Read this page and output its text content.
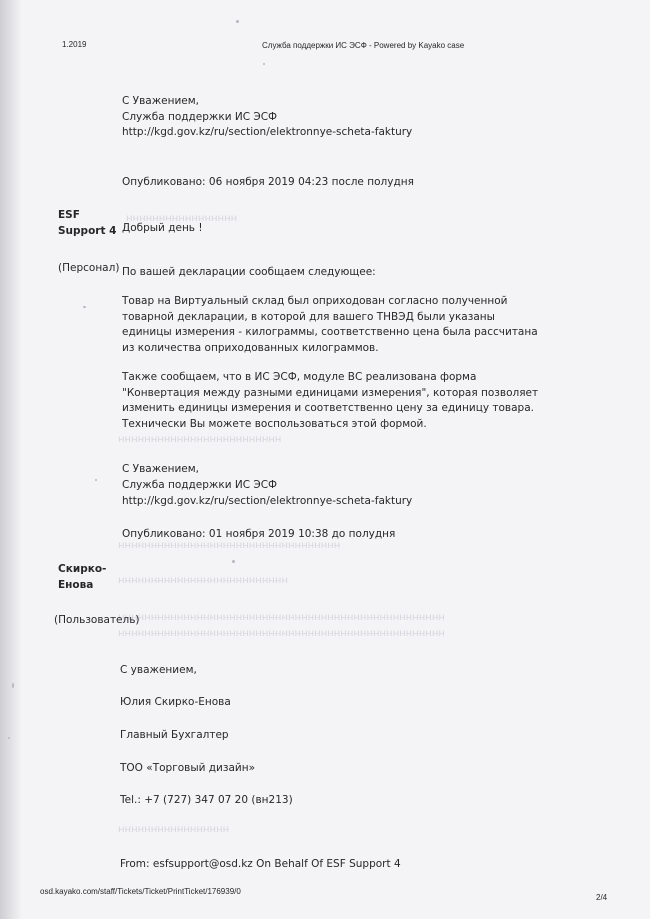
ннннннннннннннннн
ннннннннннннннннннннннннн
нннннннннннннннннннннннннннннннннн
нннннннннннннннннннннннннн
нннннннннннннннннннннннннннннннннннннннннннннннннн
нннннннннннннннннннннннннннннннннннннннннннннннннн
ннннннннннннннннн
1.2019	Служба поддержки ИС ЭСФ - Powered by Kayako case
С Уважением,
Служба поддержки ИС ЭСФ
http://kgd.gov.kz/ru/section/elektronnye-scheta-faktury
Опубликовано: 06 ноября 2019 04:23 после полудня
ESF
Support 4
(Персонал)
Добрый день !
По вашей декларации сообщаем следующее:
Товар на Виртуальный склад был оприходован согласно полученной товарной декларации, в которой для вашего ТНВЭД были указаны единицы измерения - килограммы, соответственно цена была рассчитана из количества оприходованных килограммов.
Также сообщаем, что в ИС ЭСФ, модуле ВС реализована форма "Конвертация между разными единицами измерения", которая позволяет изменить единицы измерения и соответственно цену за единицу товара. Технически Вы можете воспользоваться этой формой.
С Уважением,
Служба поддержки ИС ЭСФ
http://kgd.gov.kz/ru/section/elektronnye-scheta-faktury
Опубликовано: 01 ноября 2019 10:38 до полудня
Скирко-
Енова
(Пользователь)
С уважением,
Юлия Скирко-Енова
Главный Бухгалтер
ТОО «Торговый дизайн»
Tel.: +7 (727) 347 07 20 (вн213)
From: esfsupport@osd.kz On Behalf Of ESF Support 4
osd.kayako.com/staff/Tickets/Ticket/PrintTicket/176939/0
2/4
